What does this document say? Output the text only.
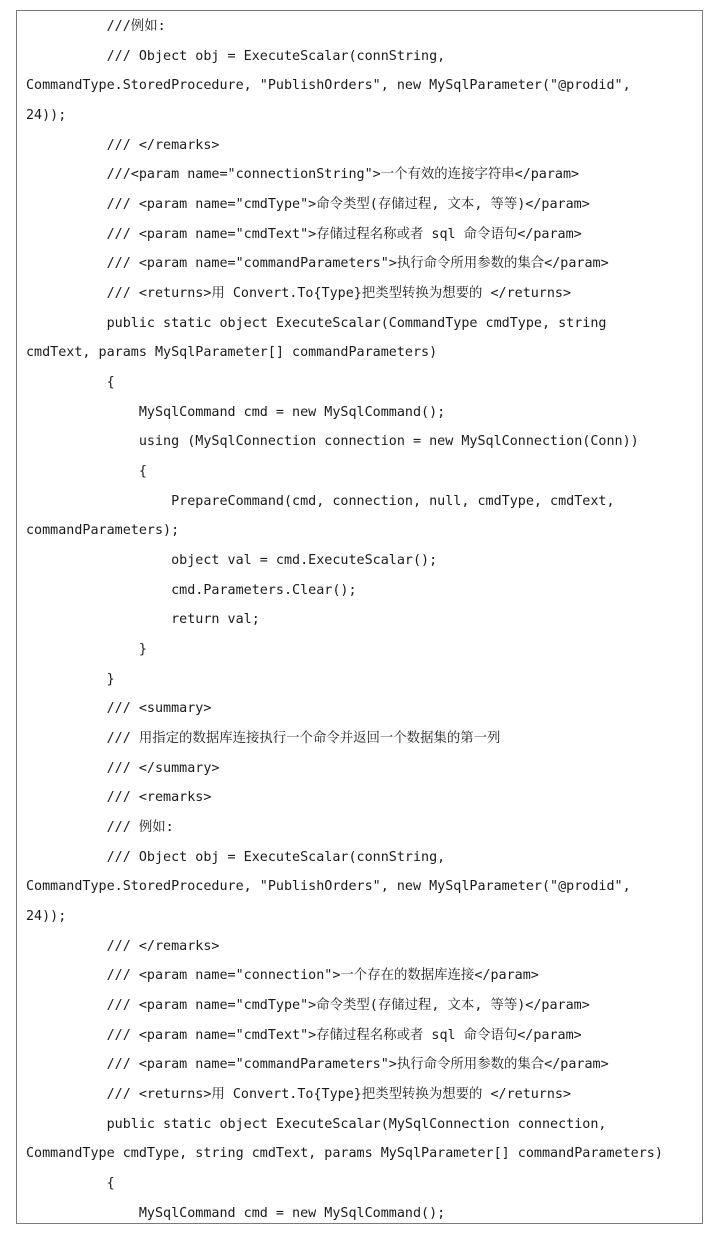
///例如:
/// Object obj = ExecuteScalar(connString,
CommandType.StoredProcedure, "PublishOrders", new MySqlParameter("@prodid",
24));
/// </remarks>
///<param name="connectionString">一个有效的连接字符串</param>
/// <param name="cmdType">命令类型(存储过程, 文本, 等等)</param>
/// <param name="cmdText">存储过程名称或者 sql 命令语句</param>
/// <param name="commandParameters">执行命令所用参数的集合</param>
/// <returns>用 Convert.To{Type}把类型转换为想要的 </returns>
public static object ExecuteScalar(CommandType cmdType, string
cmdText, params MySqlParameter[] commandParameters)
{
MySqlCommand cmd = new MySqlCommand();
using (MySqlConnection connection = new MySqlConnection(Conn))
{
PrepareCommand(cmd, connection, null, cmdType, cmdText,
commandParameters);
object val = cmd.ExecuteScalar();
cmd.Parameters.Clear();
return val;
}
}
/// <summary>
/// 用指定的数据库连接执行一个命令并返回一个数据集的第一列
/// </summary>
/// <remarks>
/// 例如:
/// Object obj = ExecuteScalar(connString,
CommandType.StoredProcedure, "PublishOrders", new MySqlParameter("@prodid",
24));
/// </remarks>
/// <param name="connection">一个存在的数据库连接</param>
/// <param name="cmdType">命令类型(存储过程, 文本, 等等)</param>
/// <param name="cmdText">存储过程名称或者 sql 命令语句</param>
/// <param name="commandParameters">执行命令所用参数的集合</param>
/// <returns>用 Convert.To{Type}把类型转换为想要的 </returns>
public static object ExecuteScalar(MySqlConnection connection,
CommandType cmdType, string cmdText, params MySqlParameter[] commandParameters)
{
MySqlCommand cmd = new MySqlCommand();
